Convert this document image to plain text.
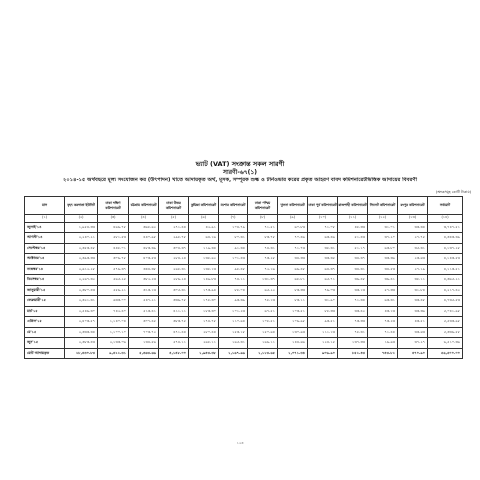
ভ্যাট (VAT) সংক্রান্ত সকল সারণী
সারণী-৬৭(১)
২০১৪-১৫ অর্থবছরে মূল্য সংযোজন কর (উৎপাদন) খাতে আদায়কৃত অর্থ, মূসক, সম্পূরক শুল্ক ও টার্নওভার করের প্রকৃত আহরণ বাবদ কমিশনারেটভিত্তিক আদায়ের বিবরণী
(অংকসমূহ কোটি টাকায়)
মাস	বৃহৎ করদাতা ইউনিট	ঢাকা দক্ষিণ কমিশনারেট	চট্টগ্রাম কমিশনারেট	ঢাকা উত্তর কমিশনারেট	কুমিল্লা কমিশনারেট	যশোর কমিশনারেট	ঢাকা পশ্চিম কমিশনারেট	খুলনা কমিশনারেট	ঢাকা পূর্ব কমিশনারেট	রাজশাহী কমিশনারেট	সিলেট কমিশনারেট	রংপুর কমিশনারেট	সর্বমোট
(১)	(২)	(৩)	(৪)	(৫)	(৬)	(৭)	(৮)	(৯)	(১০)	(১১)	(১২)	(১৩)	(১৪)
জুলাই'১৪	১,৯৫৪.৩৩	৪৬৬.৭৮	৩৬৮.৬২	২৭১.৪৪	৪২.৯১	১০৪.৭৯	৭১.৫১	৬০.৮৩	৭১.০৮	৪৮.৩৩	৩১.০১	৩৩.৩৪	৩,৭৪৭.৫১
আগস্ট'১৪	২,২৪০.২১	৫৮১.৫৩	৪৪০.৯৮	২৯৮.৭৮	৬৪.১৬	৮০.৩১	৮৩.৭৮	৭০.৪৬	৬৩.৪৬	৫১.৪৩	৩৭.২০	২৭.৭৫	৪,৩৪৩.৩৯
সেপ্টেম্বর'১৪	২,৩৫৩.৪৮	৪৪৮.০১	৪৮৩.৩৯	৩০৪.৩৭	১১৯.৩৪	৯১.৩৪	৭৪.৩১	৭১.৭৩	৩৮.৩১	৫১.১৭	৬৩.৮০	৩৫.৩১	৪,১৩৭.২৮
অক্টোবর'১৪	২,৩৯৩.৩৩	৩০৬.৭৮	৪০৩.৫৩	২৮৪.২৪	১৩৮.৬২	১০১.৪৩	৭৩.২৮	৩৪.৩৩	৩৩.৩৫	৩৪.৩৭	৩৩.৩৬	২৩.৬৩	৪,১৪৩.৫৩
নভেম্বর'১৪	২,৬১২.২৮	৫৭৬.৩৭	৩৪৪.৩৮	২৬৮.৩১	১৩৮.১৩	৯৮.৪৮	৭২.১৬	৬৬.৪৮	৬৪.৩৭	৩৪.৩১	৩৪.৫৩	২৭.১৯	৪,১১৩.৫১
ডিসেম্বর'১৪	২,২৬৭.৩২	৫৬৫.২৫	৩৮২.২৩	২৮৬.২৪	১৪৯.৮৩	৭৪.১১	১৩১.৩৭	৬৮.৮১	৬৫.৭১	৩৬.৪৮	৩৬.৪১	৩৮.১১	৪,৩৬৫.২১
জানুয়ারী'১৫	২,৩৮০.৪৩	৫৫৬.২১	৩১৩.১৩	৩০৫.৩১	১৭৩.৯৪	৮৮.০৪	৬৫.২২	৮৩.৩৩	৭৬.০৩	৩৩.১৩	৫৭.৩৩	৩১.৮৪	৪,২১৭.৪২
ফেব্রুয়ারী'১৫	২,৩২১.৩১	৬৩৩.০০	৫৪৭.২১	৩৩৬.৭৮	১৭৮.৩০	৯৩.৩৯	৭৮.১৩	৮৩.১১	৩১.৯০	৭১.৩৪	৬৩.৩১	৩৩.৪৮	৪,৭৩৫.৫৩
মার্চ'১৫	২,৫৪৬.৩০	৭৪২.৪০	৫১৩.৪১	৪১১.১১	১৮৩.৩০	১০১.২৩	৬৭.৫১	১০৩.৫১	৮৮.৩৩	৩৩.৪২	৪৩.১৩	৩৩.৩৬	৫,০৪১.৯৮
এপ্রিল'১৫	২,৪০৩.৫৭	১,১৪০.০৪	৩০৭.৪৫	৩৮৩.৭৫	১৭৪.৭৮	১১০.৬৪	১০৮.৫১	১০৬.৯৮	৯৩.৫১	৭৩.৩৩	৭৩.২৩	৪৩.৫১	৫,৫৩৩.৯৮
মে'১৫	২,৩৩৩.৩৪	১,১০০.১০	৭০৩.৭২	৪৭১.৪৪	২৮০.৪৪	১৫৩.১৮	১৫০.৬৪	১৩০.৯৩	১১১.১৩	৭৮.৩১	৭১.৪৪	৩৩.৬৩	৫,৩৩৬.৫৮
জুন'১৫	২,৩৮৩.৪৩	২,১৩৩.০৬	১৩৪.৫৬	৫৭৪.১১	২৬৮.১১	১৬৫.৩১	১৬৬.১১	১৪৪.৬৬	১২৪.১৫	১৩৭.৩৩	১৬.৯৩	৩৭.২৭	৬,৫১০.৩৬
মোট আদায়কৃত	২৮,৪৩০.৮৩	৯,৪২২.৩১	৫,৩৬৩.৬৬	৪,১৪৮.০০	১,৯৪৩.৩৮	১,১৬৭.৯৬	১,১১৩.৬৫	১,০৭১.৩৪	৯০৬.৯০	৮৫২.৪৩	৭৪৩.৮২	৪৭০.৯০	৫৬,৫০০.০০
১২৩
